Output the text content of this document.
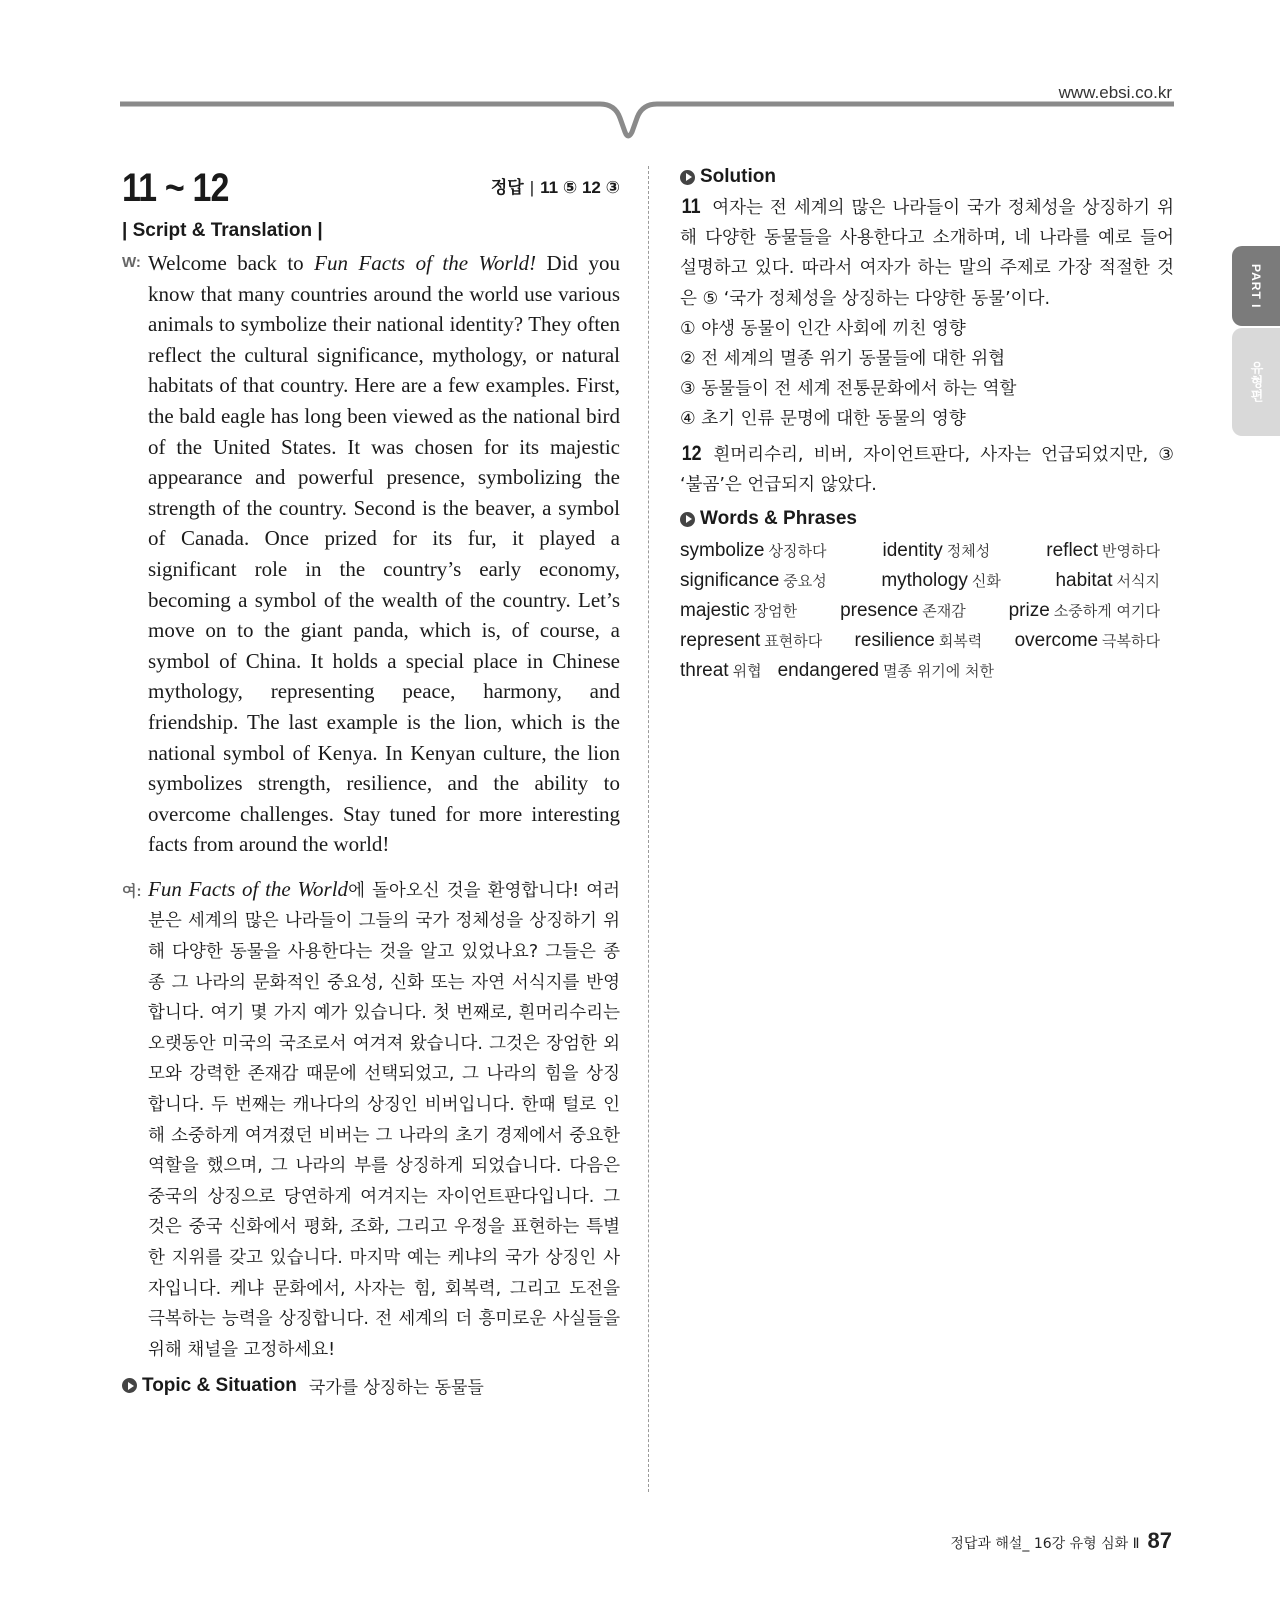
www.ebsi.co.kr
PART I
유형편
11 ~ 12	정답 | 11 ⑤ 12 ③
| Script & Translation |
W: Welcome back to Fun Facts of the World! Did you know that many countries around the world use various animals to symbolize their national identity? They often reflect the cultural significance, mythology, or natural habitats of that country. Here are a few examples. First, the bald eagle has long been viewed as the national bird of the United States. It was chosen for its majestic appearance and powerful presence, symbolizing the strength of the country. Second is the beaver, a symbol of Canada. Once prized for its fur, it played a significant role in the country’s early economy, becoming a symbol of the wealth of the country. Let’s move on to the giant panda, which is, of course, a symbol of China. It holds a special place in Chinese mythology, representing peace, harmony, and friendship. The last example is the lion, which is the national symbol of Kenya. In Kenyan culture, the lion symbolizes strength, resilience, and the ability to overcome challenges. Stay tuned for more interesting facts from around the world!
여: Fun Facts of the World에 돌아오신 것을 환영합니다! 여러분은 세계의 많은 나라들이 그들의 국가 정체성을 상징하기 위해 다양한 동물을 사용한다는 것을 알고 있었나요? 그들은 종종 그 나라의 문화적인 중요성, 신화 또는 자연 서식지를 반영합니다. 여기 몇 가지 예가 있습니다. 첫 번째로, 흰머리수리는 오랫동안 미국의 국조로서 여겨져 왔습니다. 그것은 장엄한 외모와 강력한 존재감 때문에 선택되었고, 그 나라의 힘을 상징합니다. 두 번째는 캐나다의 상징인 비버입니다. 한때 털로 인해 소중하게 여겨졌던 비버는 그 나라의 초기 경제에서 중요한 역할을 했으며, 그 나라의 부를 상징하게 되었습니다. 다음은 중국의 상징으로 당연하게 여겨지는 자이언트판다입니다. 그것은 중국 신화에서 평화, 조화, 그리고 우정을 표현하는 특별한 지위를 갖고 있습니다. 마지막 예는 케냐의 국가 상징인 사자입니다. 케냐 문화에서, 사자는 힘, 회복력, 그리고 도전을 극복하는 능력을 상징합니다. 전 세계의 더 흥미로운 사실들을 위해 채널을 고정하세요!
Topic & Situation 국가를 상징하는 동물들
Solution
11 여자는 전 세계의 많은 나라들이 국가 정체성을 상징하기 위해 다양한 동물들을 사용한다고 소개하며, 네 나라를 예로 들어 설명하고 있다. 따라서 여자가 하는 말의 주제로 가장 적절한 것은 ⑤ ‘국가 정체성을 상징하는 다양한 동물’이다.
① 야생 동물이 인간 사회에 끼친 영향
② 전 세계의 멸종 위기 동물들에 대한 위협
③ 동물들이 전 세계 전통문화에서 하는 역할
④ 초기 인류 문명에 대한 동물의 영향
12 흰머리수리, 비버, 자이언트판다, 사자는 언급되었지만, ③ ‘불곰’은 언급되지 않았다.
Words & Phrases
symbolize 상징하다	identity 정체성	reflect 반영하다
significance 중요성	mythology 신화	habitat 서식지
majestic 장엄한 presence 존재감 prize 소중하게 여기다
represent 표현하다 resilience 회복력 overcome 극복하다
threat 위협 endangered 멸종 위기에 처한
정답과 해설_ 16강 유형 심화 Ⅱ 87
